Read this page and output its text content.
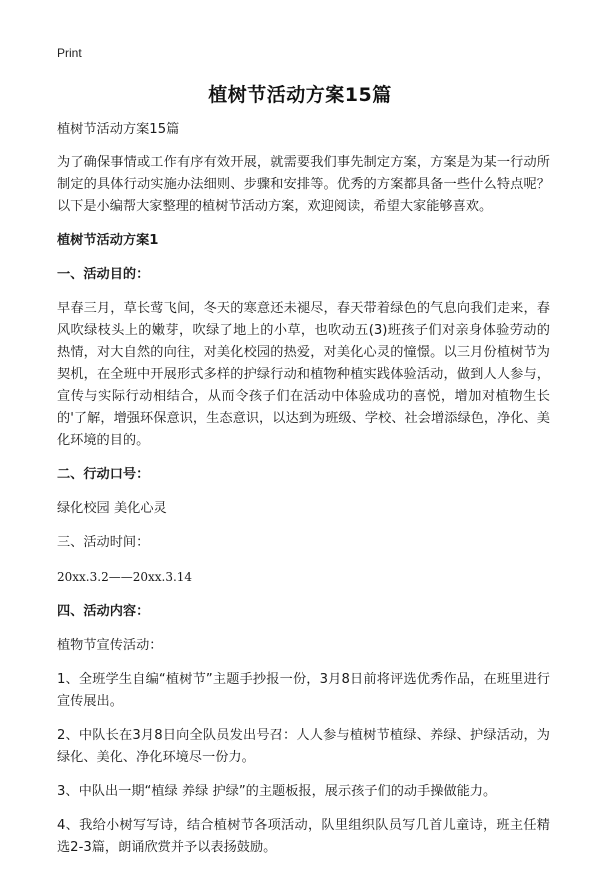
Print
植树节活动方案15篇

植树节活动方案15篇

为了确保事情或工作有序有效开展，就需要我们事先制定方案，方案是为某一行动所制定的具体行动实施办法细则、步骤和安排等。优秀的方案都具备一些什么特点呢？以下是小编帮大家整理的植树节活动方案，欢迎阅读，希望大家能够喜欢。

植树节活动方案1

一、活动目的：

早春三月，草长莺飞间，冬天的寒意还未褪尽，春天带着绿色的气息向我们走来，春风吹绿枝头上的嫩芽，吹绿了地上的小草，也吹动五(3)班孩子们对亲身体验劳动的热情，对大自然的向往，对美化校园的热爱，对美化心灵的憧憬。以三月份植树节为契机，在全班中开展形式多样的护绿行动和植物种植实践体验活动，做到人人参与，宣传与实际行动相结合，从而令孩子们在活动中体验成功的喜悦，增加对植物生长的'了解，增强环保意识，生态意识，以达到为班级、学校、社会增添绿色，净化、美化环境的目的。

二、行动口号：

绿化校园 美化心灵

三、活动时间：

20xx.3.2——20xx.3.14

四、活动内容：

植物节宣传活动：

1、全班学生自编“植树节”主题手抄报一份，3月8日前将评选优秀作品，在班里进行宣传展出。

2、中队长在3月8日向全队员发出号召：人人参与植树节植绿、养绿、护绿活动，为绿化、美化、净化环境尽一份力。

3、中队出一期“植绿 养绿 护绿”的主题板报，展示孩子们的动手操做能力。

4、我给小树写写诗，结合植树节各项活动，队里组织队员写几首儿童诗，班主任精选2-3篇，朗诵欣赏并予以表扬鼓励。
